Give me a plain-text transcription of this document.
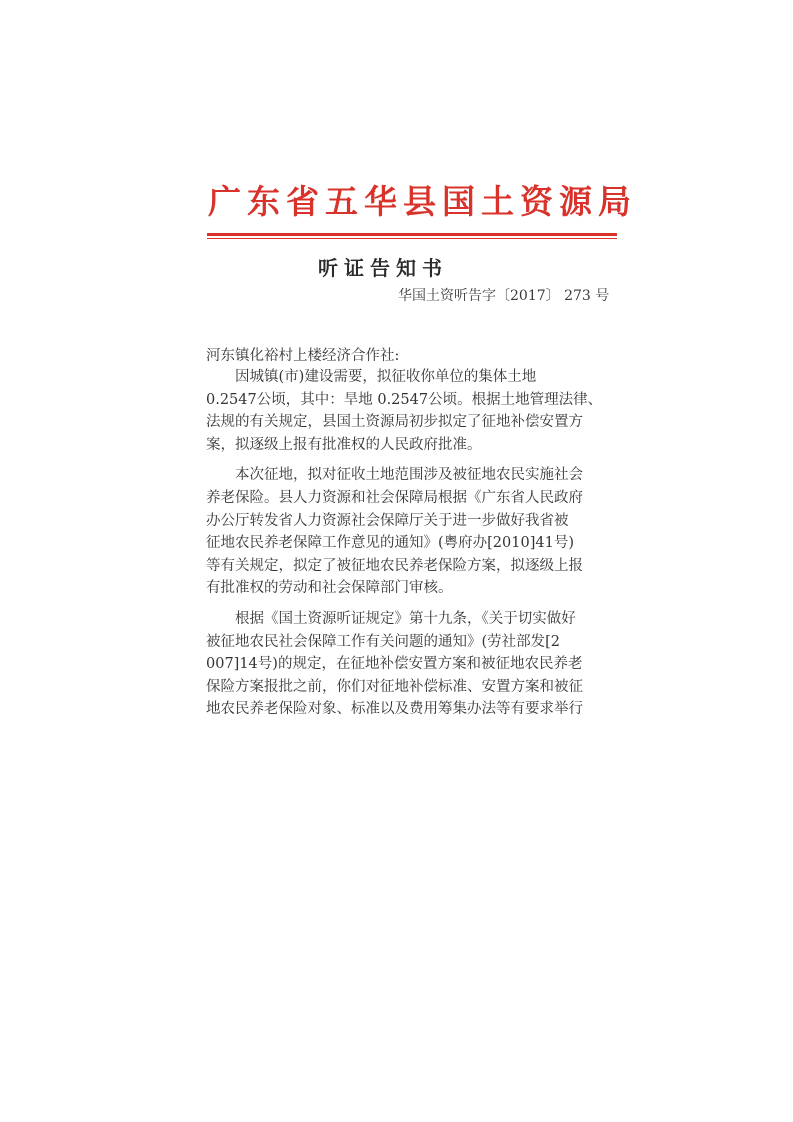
广东省五华县国土资源局
听证告知书
华国土资听告字〔2017〕 273 号
河东镇化裕村上楼经济合作社:
　　因城镇(市)建设需要，拟征收你单位的集体土地
0.2547公顷，其中：旱地 0.2547公顷。根据土地管理法律、
法规的有关规定，县国土资源局初步拟定了征地补偿安置方
案，拟逐级上报有批准权的人民政府批准。
　　本次征地，拟对征收土地范围涉及被征地农民实施社会
养老保险。县人力资源和社会保障局根据《广东省人民政府
办公厅转发省人力资源社会保障厅关于进一步做好我省被
征地农民养老保障工作意见的通知》(粤府办[2010]41号)
等有关规定，拟定了被征地农民养老保险方案，拟逐级上报
有批准权的劳动和社会保障部门审核。
　　根据《国土资源听证规定》第十九条，《关于切实做好
被征地农民社会保障工作有关问题的通知》(劳社部发[2
007]14号)的规定，在征地补偿安置方案和被征地农民养老
保险方案报批之前，你们对征地补偿标准、安置方案和被征
地农民养老保险对象、标准以及费用筹集办法等有要求举行
